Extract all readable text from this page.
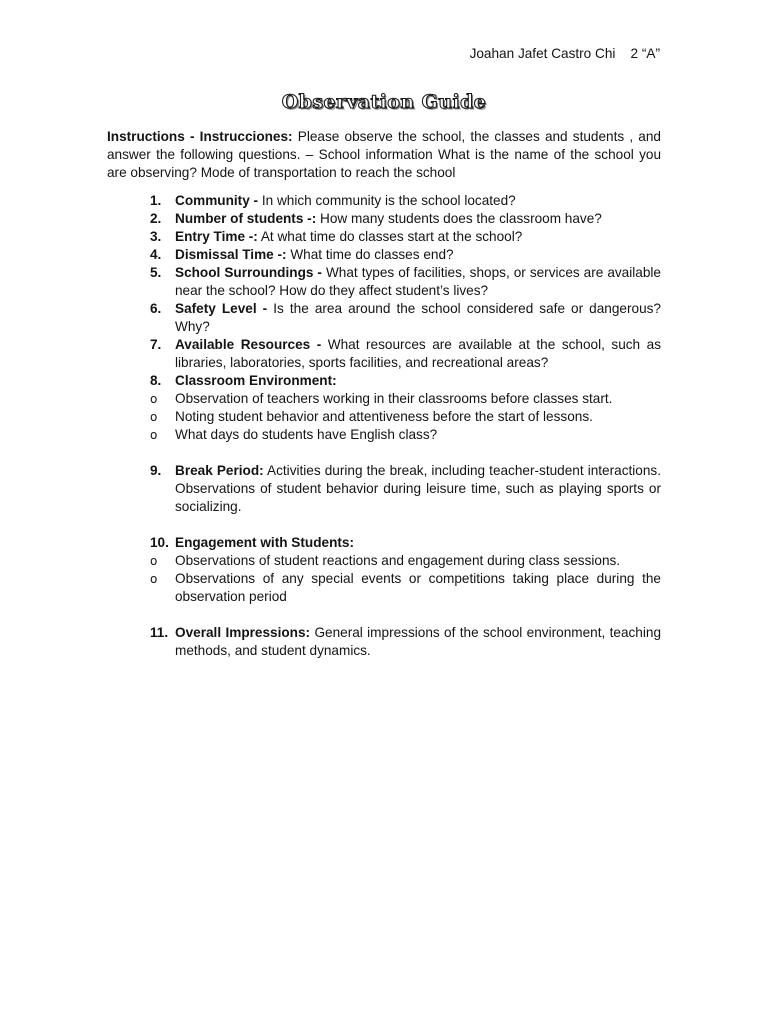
Joahan Jafet Castro Chi 2 “A”
Observation Guide
Instructions - Instrucciones: Please observe the school, the classes and students , and answer the following questions. – School information What is the name of the school you are observing? Mode of transportation to reach the school
1.	Community - In which community is the school located?
2.	Number of students -: How many students does the classroom have?
3.	Entry Time -: At what time do classes start at the school?
4.	Dismissal Time -: What time do classes end?
5.	School Surroundings - What types of facilities, shops, or services are available near the school? How do they affect student’s lives?
6.	Safety Level - Is the area around the school considered safe or dangerous? Why?
7.	Available Resources - What resources are available at the school, such as libraries, laboratories, sports facilities, and recreational areas?
8.	Classroom Environment:
o	Observation of teachers working in their classrooms before classes start.
o	Noting student behavior and attentiveness before the start of lessons.
o	What days do students have English class?
9.	Break Period: Activities during the break, including teacher-student interactions. Observations of student behavior during leisure time, such as playing sports or socializing.
10. Engagement with Students:
o	Observations of student reactions and engagement during class sessions.
o	Observations of any special events or competitions taking place during the observation period
11. Overall Impressions: General impressions of the school environment, teaching methods, and student dynamics.
